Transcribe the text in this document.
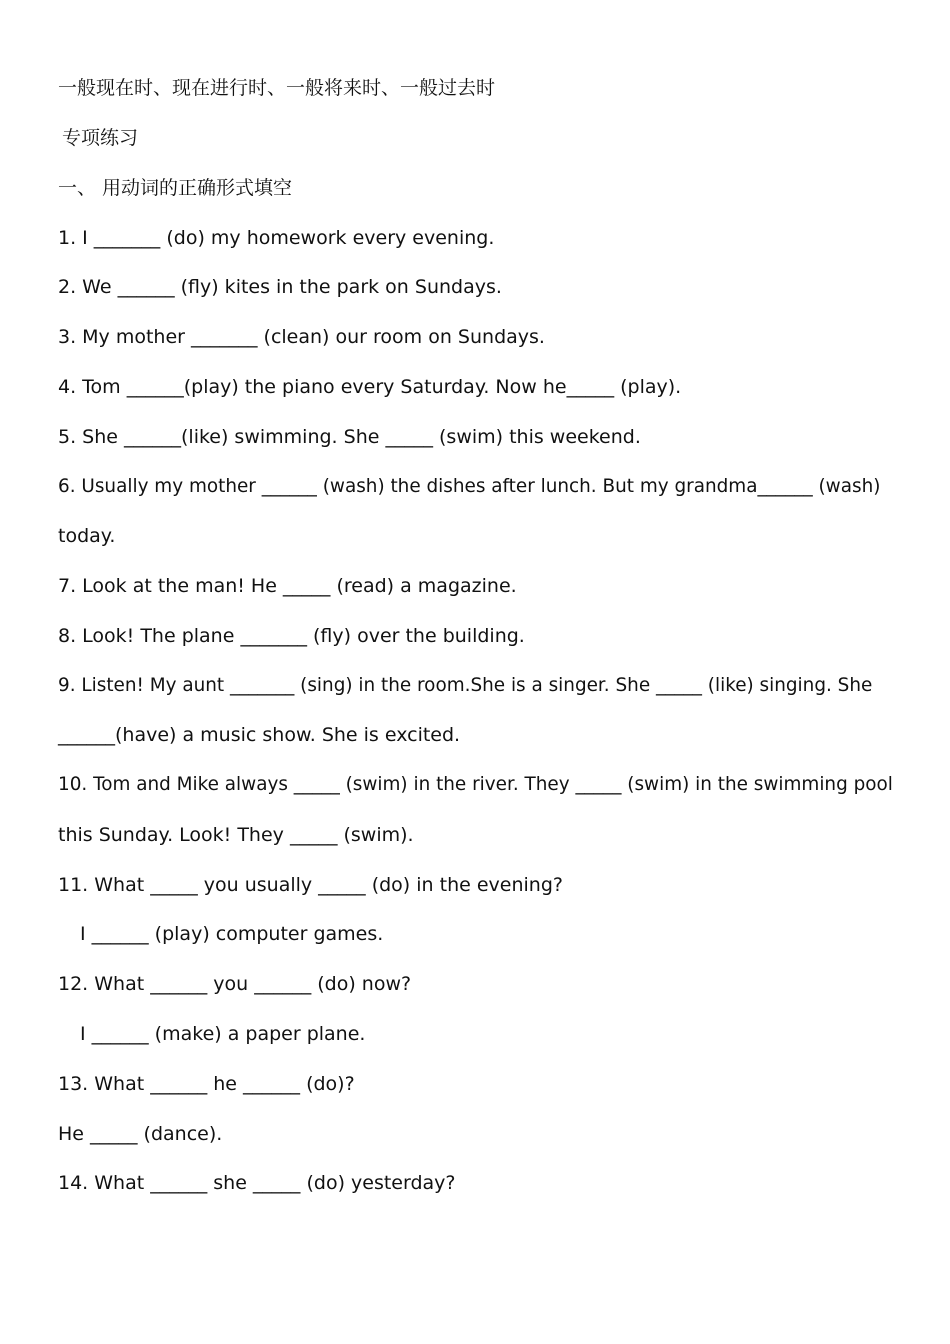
一般现在时、现在进行时、一般将来时、一般过去时
专项练习
一、 用动词的正确形式填空
1. I _______ (do) my homework every evening.
2. We ______ (fly) kites in the park on Sundays.
3. My mother _______ (clean) our room on Sundays.
4. Tom ______(play) the piano every Saturday. Now he_____ (play).
5. She ______(like) swimming. She _____ (swim) this weekend.
6. Usually my mother ______ (wash) the dishes after lunch. But my grandma______ (wash)
today.
7. Look at the man! He _____ (read) a magazine.
8. Look! The plane _______ (fly) over the building.
9. Listen! My aunt _______ (sing) in the room.She is a singer. She _____ (like) singing. She
______(have) a music show. She is excited.
10. Tom and Mike always _____ (swim) in the river. They _____ (swim) in the swimming pool
this Sunday. Look! They _____ (swim).
11. What _____ you usually _____ (do) in the evening?
I ______ (play) computer games.
12. What ______ you ______ (do) now?
I ______ (make) a paper plane.
13. What ______ he ______ (do)?
He _____ (dance).
14. What ______ she _____ (do) yesterday?
